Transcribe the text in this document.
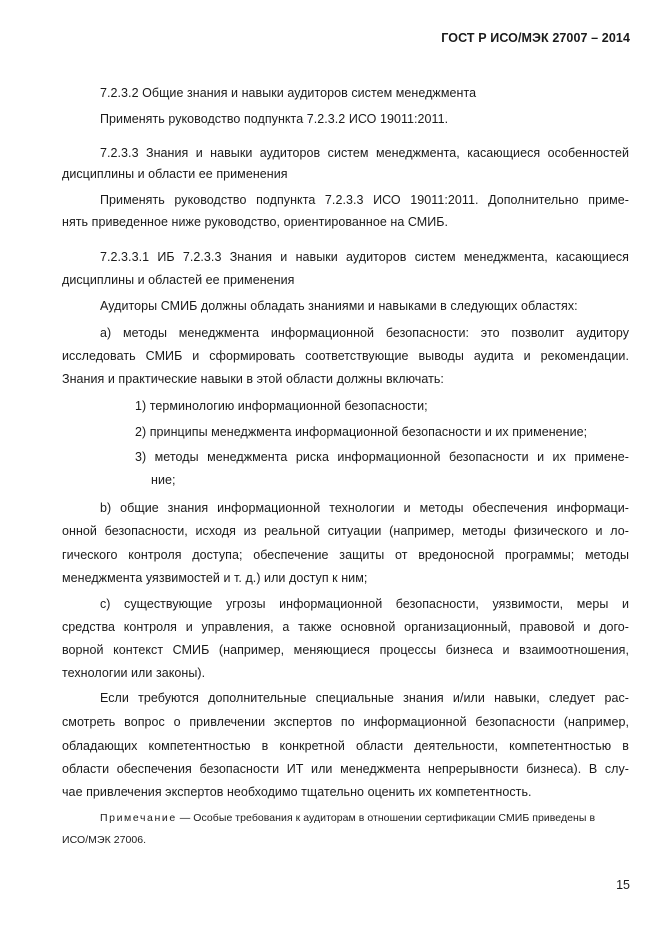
ГОСТ Р ИСО/МЭК 27007 – 2014
7.2.3.2 Общие знания и навыки аудиторов систем менеджмента
Применять руководство подпункта 7.2.3.2 ИСО 19011:2011.
7.2.3.3 Знания и навыки аудиторов систем менеджмента, касающиеся особенностей
дисциплины и области ее применения
Применять руководство подпункта 7.2.3.3 ИСО 19011:2011. Дополнительно приме-
нять приведенное ниже руководство, ориентированное на СМИБ.
7.2.3.3.1 ИБ 7.2.3.3 Знания и навыки аудиторов систем менеджмента, касающиеся
дисциплины и областей ее применения
Аудиторы СМИБ должны обладать знаниями и навыками в следующих областях:
а) методы менеджмента информационной безопасности: это позволит аудитору
исследовать СМИБ и сформировать соответствующие выводы аудита и рекомендации.
Знания и практические навыки в этой области должны включать:
1) терминологию информационной безопасности;
2) принципы менеджмента информационной безопасности и их применение;
3) методы менеджмента риска информационной безопасности и их примене-
ние;
b) общие знания информационной технологии и методы обеспечения информаци-
онной безопасности, исходя из реальной ситуации (например, методы физического и ло-
гического контроля доступа; обеспечение защиты от вредоносной программы; методы
менеджмента уязвимостей и т. д.) или доступ к ним;
c) существующие угрозы информационной безопасности, уязвимости, меры и
средства контроля и управления, а также основной организационный, правовой и дого-
ворной контекст СМИБ (например, меняющиеся процессы бизнеса и взаимоотношения,
технологии или законы).
Если требуются дополнительные специальные знания и/или навыки, следует рас-
смотреть вопрос о привлечении экспертов по информационной безопасности (например,
обладающих компетентностью в конкретной области деятельности, компетентностью в
области обеспечения безопасности ИТ или менеджмента непрерывности бизнеса). В слу-
чае привлечения экспертов необходимо тщательно оценить их компетентность.
Примечание — Особые требования к аудиторам в отношении сертификации СМИБ приведены в
ИСО/МЭК 27006.
15
